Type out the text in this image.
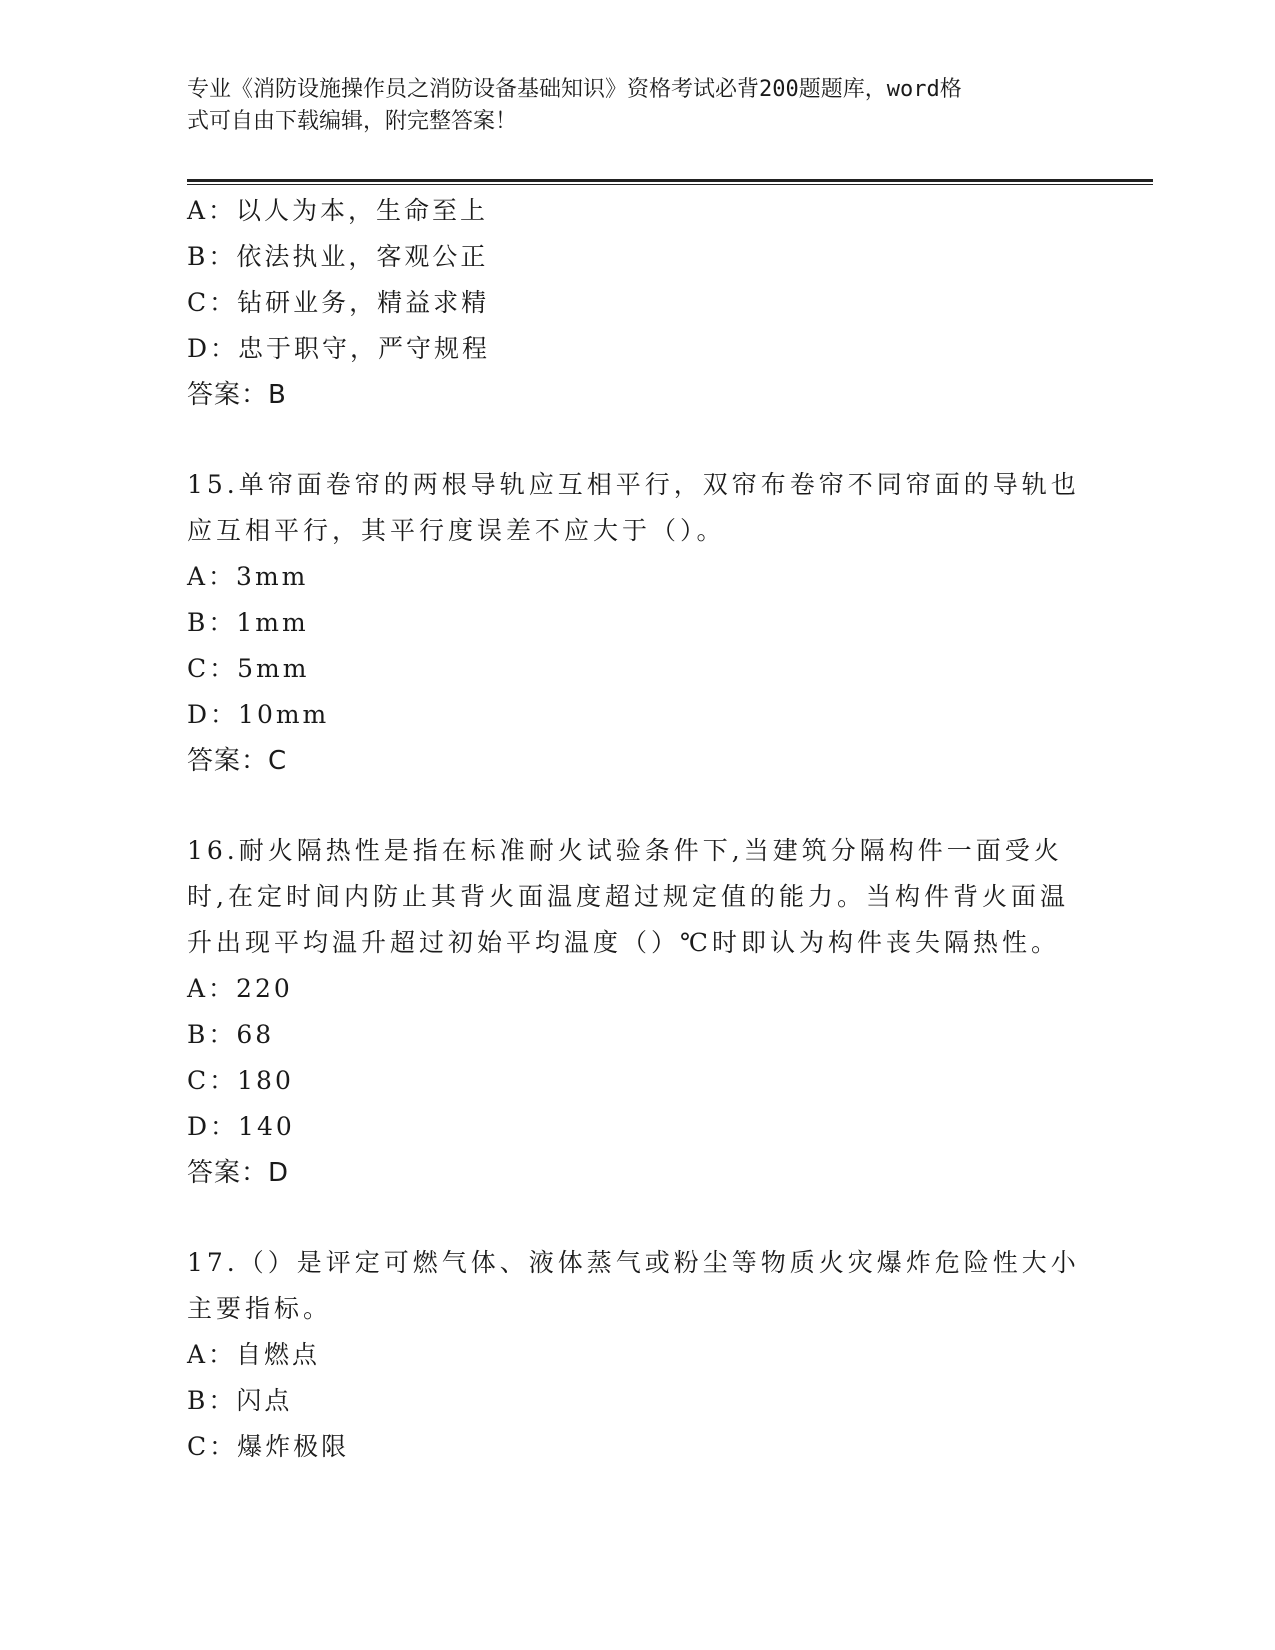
专业《消防设施操作员之消防设备基础知识》资格考试必背200题题库，word格
式可自由下载编辑，附完整答案！
A：以人为本，生命至上
B：依法执业，客观公正
C：钻研业务，精益求精
D：忠于职守，严守规程
答案：B
15.单帘面卷帘的两根导轨应互相平行，双帘布卷帘不同帘面的导轨也
应互相平行，其平行度误差不应大于（）。
A：3mm
B：1mm
C：5mm
D：10mm
答案：C
16.耐火隔热性是指在标准耐火试验条件下,当建筑分隔构件一面受火
时,在定时间内防止其背火面温度超过规定值的能力。当构件背火面温
升出现平均温升超过初始平均温度（）℃时即认为构件丧失隔热性。
A：220
B：68
C：180
D：140
答案：D
17.（）是评定可燃气体、液体蒸气或粉尘等物质火灾爆炸危险性大小
主要指标。
A：自燃点
B：闪点
C：爆炸极限
